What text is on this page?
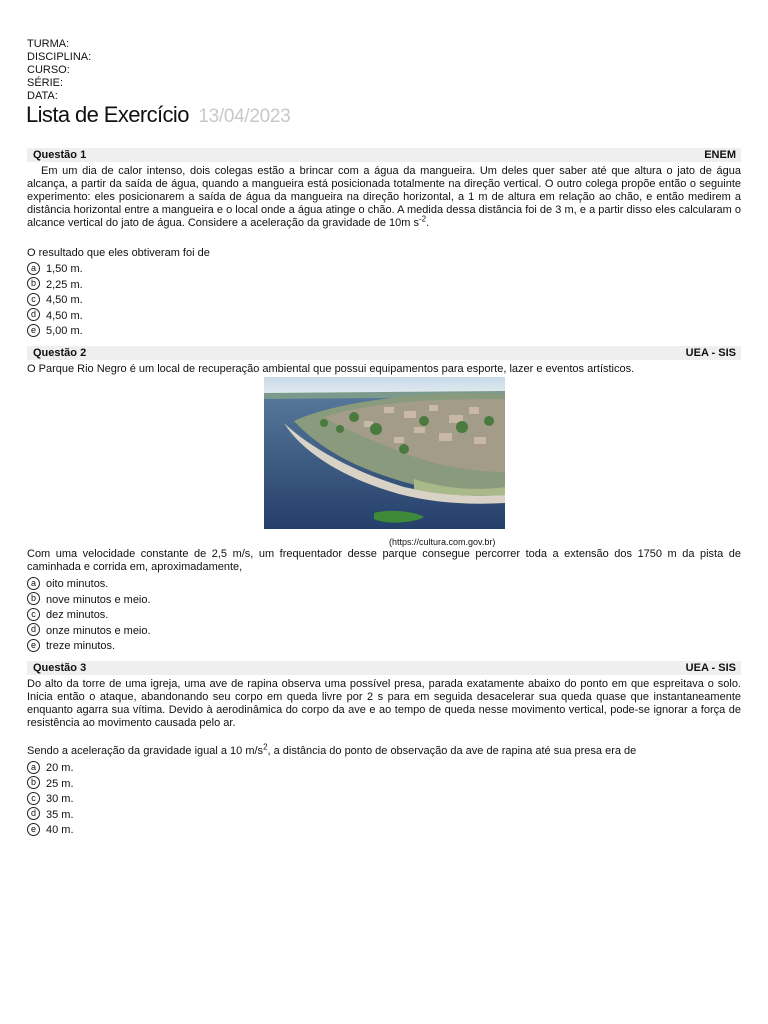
TURMA:
DISCIPLINA:
CURSO:
SÉRIE:
DATA:
Lista de Exercício 13/04/2023
Questão 1	ENEM

Em um dia de calor intenso, dois colegas estão a brincar com a água da mangueira. Um deles quer saber até que altura o jato de água alcança, a partir da saída de água, quando a mangueira está posicionada totalmente na direção vertical. O outro colega propõe então o seguinte experimento: eles posicionarem a saída de água da mangueira na direção horizontal, a 1 m de altura em relação ao chão, e então medirem a distância horizontal entre a mangueira e o local onde a água atinge o chão. A medida dessa distância foi de 3 m, e a partir disso eles calcularam o alcance vertical do jato de água. Considere a aceleração da gravidade de 10m $s^{-2}$.

O resultado que eles obtiveram foi de
a 1,50 m.
b 2,25 m.
c 4,50 m.
d 4,50 m.
e 5,00 m.
Questão 2	UEA - SIS
O Parque Rio Negro é um local de recuperação ambiental que possui equipamentos para esporte, lazer e eventos artísticos.
(https://cultura.com.gov.br)
Com uma velocidade constante de 2,5 m/s, um frequentador desse parque consegue percorrer toda a extensão dos 1750 m da pista de caminhada e corrida em, aproximadamente,
a oito minutos.
b nove minutos e meio.
c dez minutos.
d onze minutos e meio.
e treze minutos.
Questão 3	UEA - SIS
Do alto da torre de uma igreja, uma ave de rapina observa uma possível presa, parada exatamente abaixo do ponto em que espreitava o solo. Inicia então o ataque, abandonando seu corpo em queda livre por 2 s para em seguida desacelerar sua queda quase que instantaneamente enquanto agarra sua vítima. Devido à aerodinâmica do corpo da ave e ao tempo de queda nesse movimento vertical, pode-se ignorar a força de resistência ao movimento causada pelo ar.
Sendo a aceleração da gravidade igual a 10 $m/s^2$, a distância do ponto de observação da ave de rapina até sua presa era de
a 20 m.
b 25 m.
c 30 m.
d 35 m.
e 40 m.
